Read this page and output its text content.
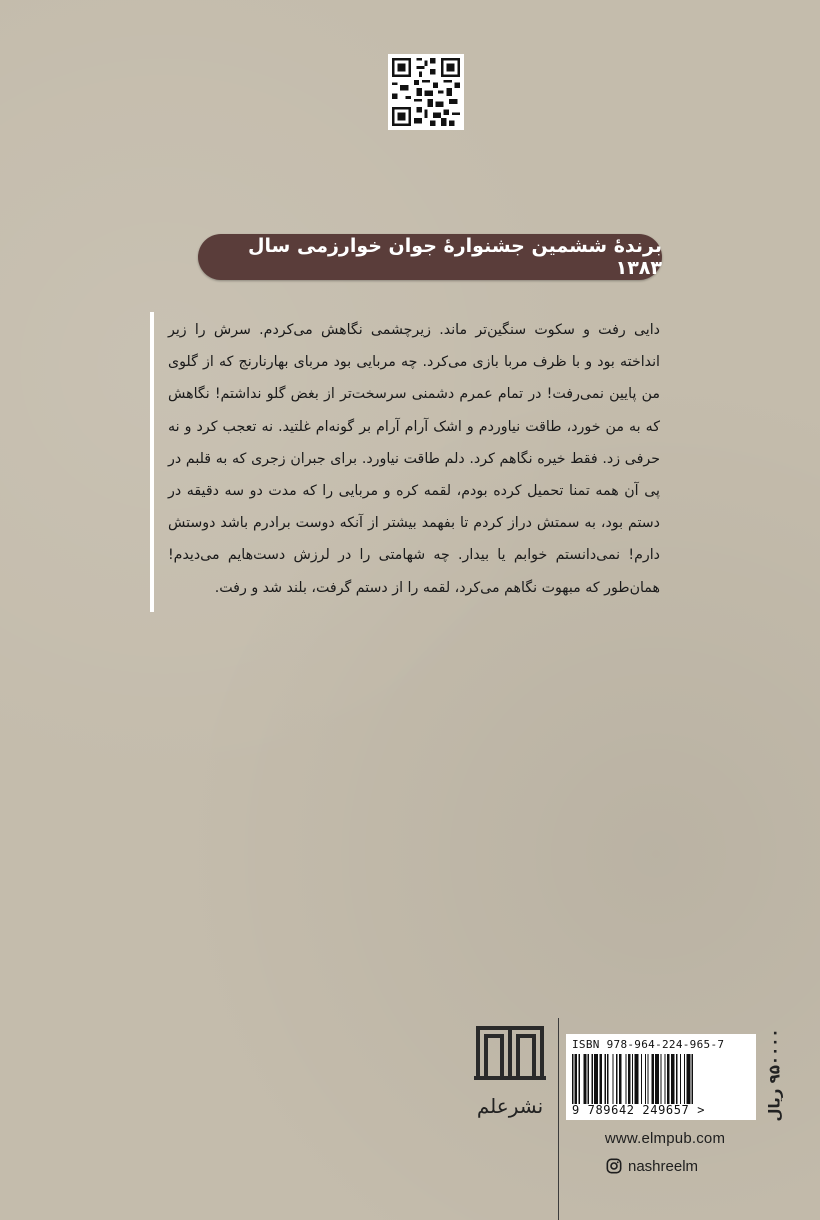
برندهٔ ششمین جشنوارهٔ جوان خوارزمی سال ۱۳۸۳

دایی رفت و سکوت سنگین‌تر ماند. زیرچشمی نگاهش می‌کردم. سرش را زیر انداخته بود و با ظرف مربا بازی می‌کرد. چه مربایی بود مربای بهارنارنج که از گلوی من پایین نمی‌رفت! در تمام عمرم دشمنی سرسخت‌تر از بغض گلو نداشتم! نگاهش که به من خورد، طاقت نیاوردم و اشک آرام آرام بر گونه‌ام غلتید. نه تعجب کرد و نه حرفی زد. فقط خیره نگاهم کرد. دلم طاقت نیاورد. برای جبران زجری که به قلبم در پی آن همه تمنا تحمیل کرده بودم، لقمه کره و مربایی را که مدت دو سه دقیقه در دستم بود، به سمتش دراز کردم تا بفهمد بیشتر از آنکه دوست برادرم باشد دوستش دارم! نمی‌دانستم خوابم یا بیدار. چه شهامتی را در لرزش دست‌هایم می‌دیدم! همان‌طور که مبهوت نگاهم می‌کرد، لقمه را از دستم گرفت، بلند شد و رفت.

نشرعلم
ISBN 978-964-224-965-7
9 789642 249657 >	۹۵۰۰۰۰ ریال
www.elmpub.com
nashreelm
